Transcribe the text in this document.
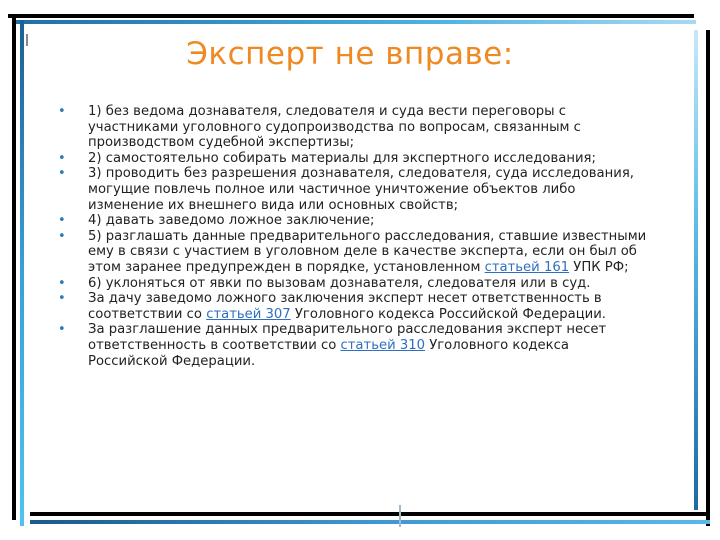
Эксперт не вправе:

• 1) без ведома дознавателя, следователя и суда вести переговоры с участниками уголовного судопроизводства по вопросам, связанным с производством судебной экспертизы;

• 2) самостоятельно собирать материалы для экспертного исследования;

• 3) проводить без разрешения дознавателя, следователя, суда исследования, могущие повлечь полное или частичное уничтожение объектов либо изменение их внешнего вида или основных свойств;

• 4) давать заведомо ложное заключение;

• 5) разглашать данные предварительного расследования, ставшие известными ему в связи с участием в уголовном деле в качестве эксперта, если он был об этом заранее предупрежден в порядке, установленном статьей 161 УПК РФ;

• 6) уклоняться от явки по вызовам дознавателя, следователя или в суд.

• За дачу заведомо ложного заключения эксперт несет ответственность в соответствии со статьей 307 Уголовного кодекса Российской Федерации.

• За разглашение данных предварительного расследования эксперт несет ответственность в соответствии со статьей 310 Уголовного кодекса Российской Федерации.
